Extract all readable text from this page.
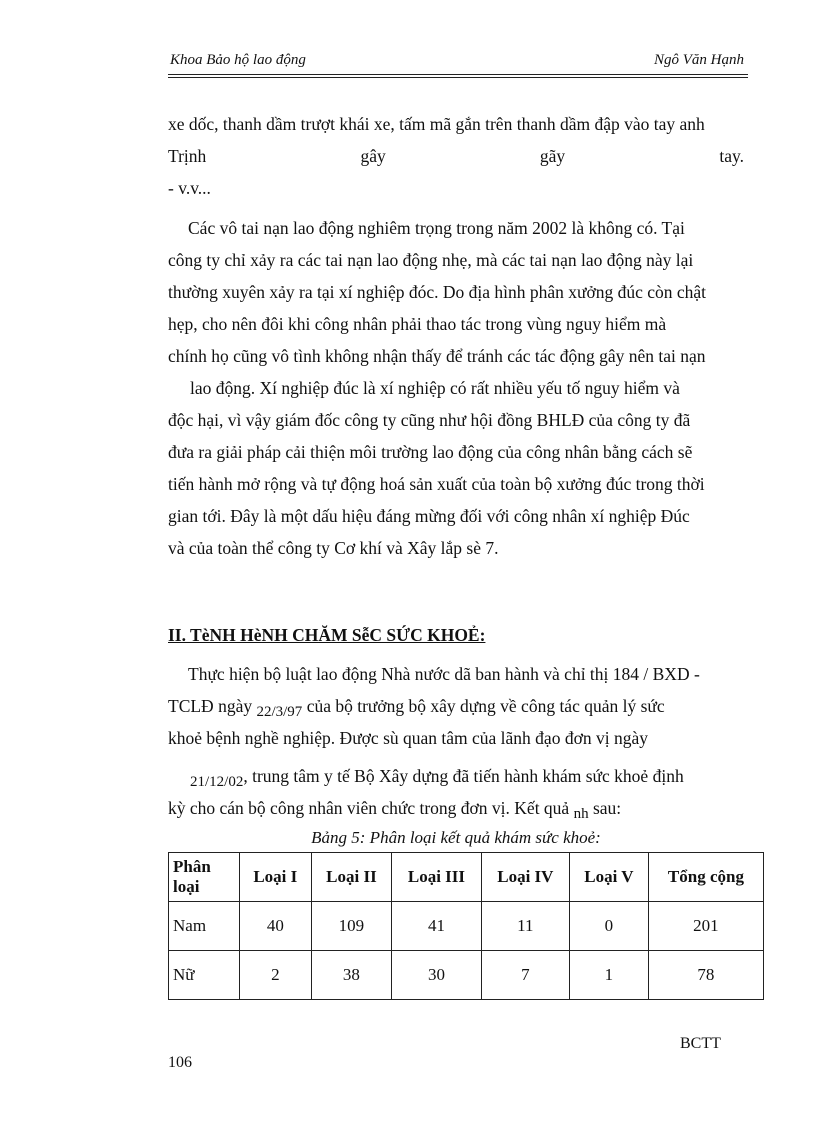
Khoa Bảo hộ lao động	Ngô Văn Hạnh
xe dốc, thanh dầm trượt khái xe, tấm mã gắn trên thanh dầm đập vào tay anh
Trịnh	gây	gãy	tay.
- v.v...
Các vô tai nạn lao động nghiêm trọng trong năm 2002 là không có. Tại
công ty chỉ xảy ra các tai nạn lao động nhẹ, mà các tai nạn lao động này lại
thường xuyên xảy ra tại xí nghiệp đóc. Do địa hình phân xưởng đúc còn chật
hẹp, cho nên đôi khi công nhân phải thao tác trong vùng nguy hiểm mà
chính họ cũng vô tình không nhận thấy để tránh các tác động gây nên tai nạn
lao động. Xí nghiệp đúc là xí nghiệp có rất nhiều yếu tố nguy hiểm và
độc hại, vì vậy giám đốc công ty cũng như hội đồng BHLĐ của công ty đã
đưa ra giải pháp cải thiện môi trường lao động của công nhân bằng cách sẽ
tiến hành mở rộng và tự động hoá sản xuất của toàn bộ xưởng đúc trong thời
gian tới. Đây là một dấu hiệu đáng mừng đối với công nhân xí nghiệp Đúc
và của toàn thể công ty Cơ khí và Xây lắp sè 7.
II. TèNH HèNH CHĂM SễC SỨC KHOẺ:
Thực hiện bộ luật lao động Nhà nước dã ban hành và chỉ thị 184 / BXD -
TCLĐ ngày $_{22/3/97}$ của bộ trưởng bộ xây dựng về công tác quản lý sức
khoẻ bệnh nghề nghiệp. Được sù quan tâm của lãnh đạo đơn vị ngày
$_{21/12/02}$, trung tâm y tế Bộ Xây dựng đã tiến hành khám sức khoẻ định
kỳ cho cán bộ công nhân viên chức trong đơn vị. Kết quả $_{nh}$ sau:
Bảng 5: Phân loại kết quả khám sức khoẻ:
Phân loại	Loại I	Loại II	Loại III	Loại IV	Loại V	Tổng cộng
Nam	40	109	41	11	0	201
Nữ	2	38	30	7	1	78
BCTT
106
